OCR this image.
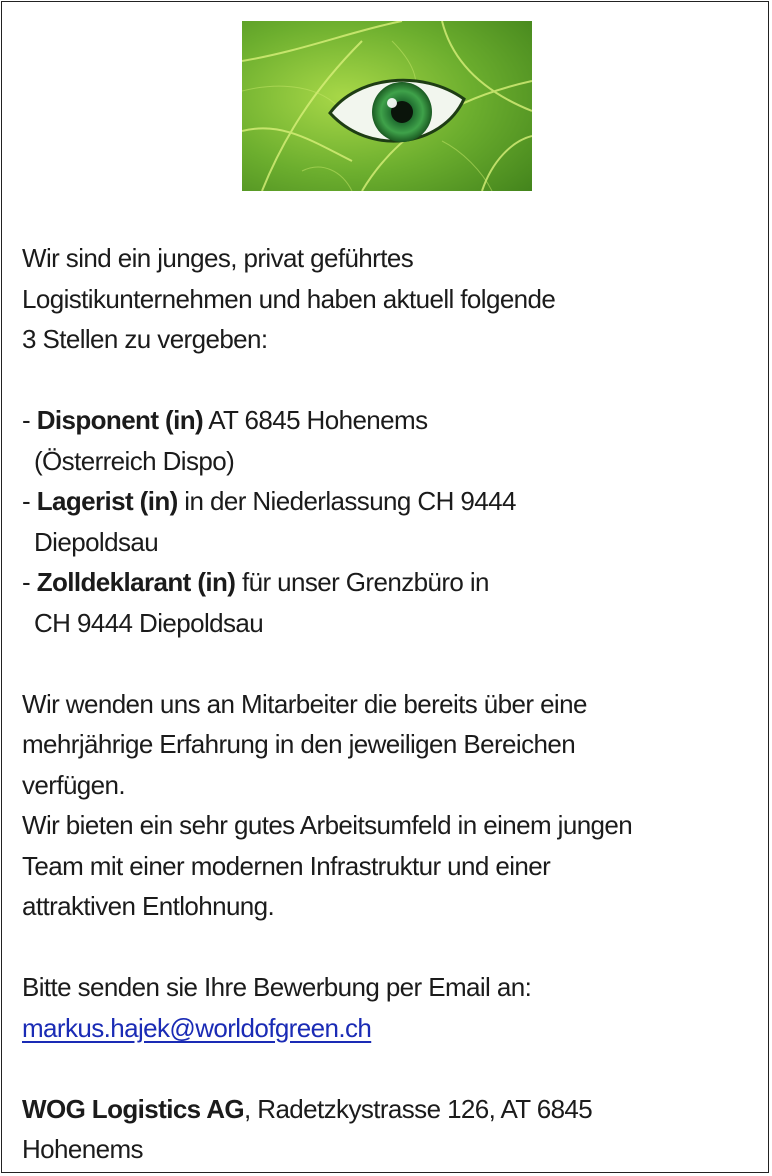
Wir sind ein junges, privat geführtes
Logistikunternehmen und haben aktuell folgende
3 Stellen zu vergeben:
- Disponent (in) AT 6845 Hohenems
(Österreich Dispo)
- Lagerist (in) in der Niederlassung CH 9444
Diepoldsau
- Zolldeklarant (in) für unser Grenzbüro in
CH 9444 Diepoldsau
Wir wenden uns an Mitarbeiter die bereits über eine
mehrjährige Erfahrung in den jeweiligen Bereichen
verfügen.
Wir bieten ein sehr gutes Arbeitsumfeld in einem jungen
Team mit einer modernen Infrastruktur und einer
attraktiven Entlohnung.
Bitte senden sie Ihre Bewerbung per Email an:
markus.hajek@worldofgreen.ch
WOG Logistics AG, Radetzkystrasse 126, AT 6845
Hohenems
